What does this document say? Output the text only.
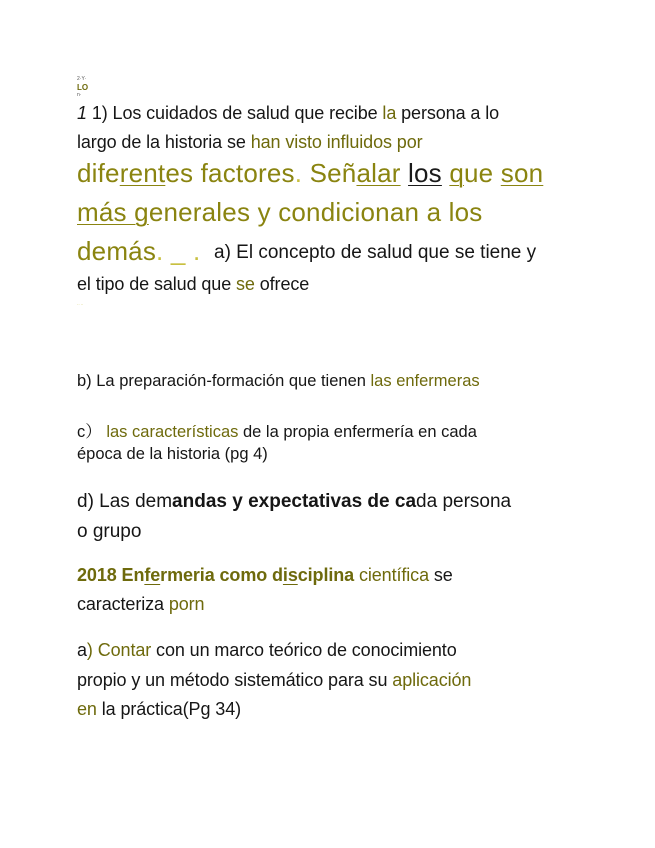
2·Y·
LO
n·
1 1) Los cuidados de salud que recibe la persona a lo
largo de la historia se han visto influidos por
diferentes factores. Señalar los que son
más generales y condicionan a los
demás. _ . a) El concepto de salud que se tiene y
el tipo de salud que se ofrece
·· ··
b) La preparación-formación que tienen las enfermeras
c） las características de la propia enfermería en cada
época de la historia (pg 4)
d) Las demandas y expectativas de cada persona
o grupo
2018 Enfermeria como disciplina científica se
caracteriza porn
a) Contar con un marco teórico de conocimiento
propio y un método sistemático para su aplicación
en la práctica(Pg 34)
